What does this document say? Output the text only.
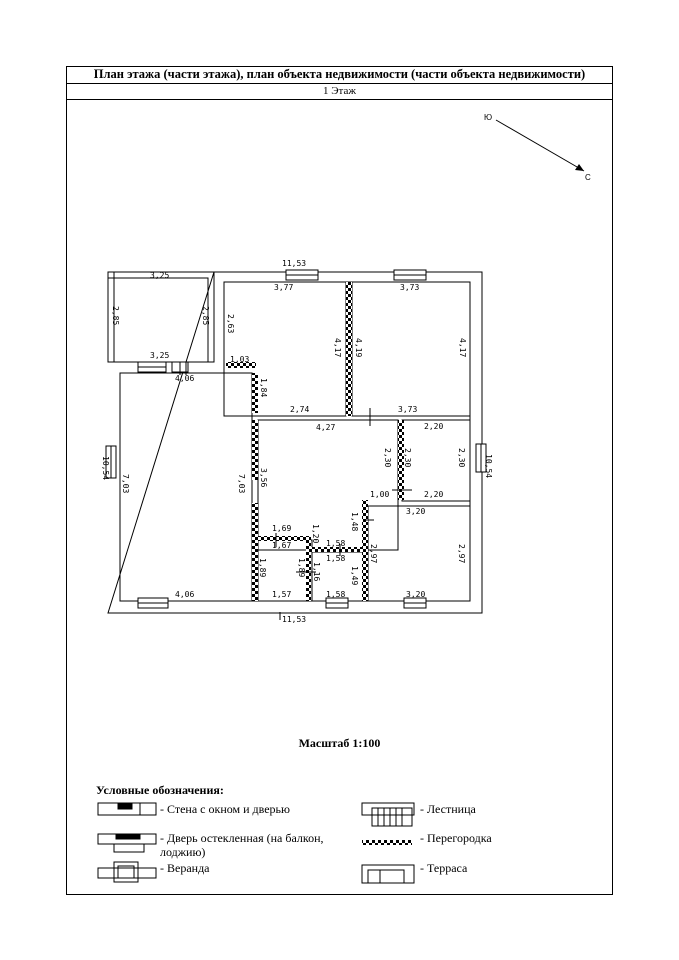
План этажа (части этажа), план объекта недвижимости (части объекта недвижимости)
1 Этаж
Ю
С
11,53
11,53
10,54	10,54
3,25
3,25
2,85	2,85
3,77
2,63
4,17
3,73
4,19	4,17
3,73
1,03
1,84
2,74
4,06
4,06
7,03	7,03
4,27
3,56
2,20
2,20
2,30 2,30	2,30
1,00
3,20
3,20
2,97	2,97
1,69
1,67
1,89	1,89
1,57
1,58
1,58
1,16
1,58
1,20
1,48
1,49
Масштаб 1:100
Условные обозначения:
- Стена с окном и дверью	- Лестница
- Дверь остекленная (на балкон, лоджию)
- Перегородка
- Веранда	- Терраса
